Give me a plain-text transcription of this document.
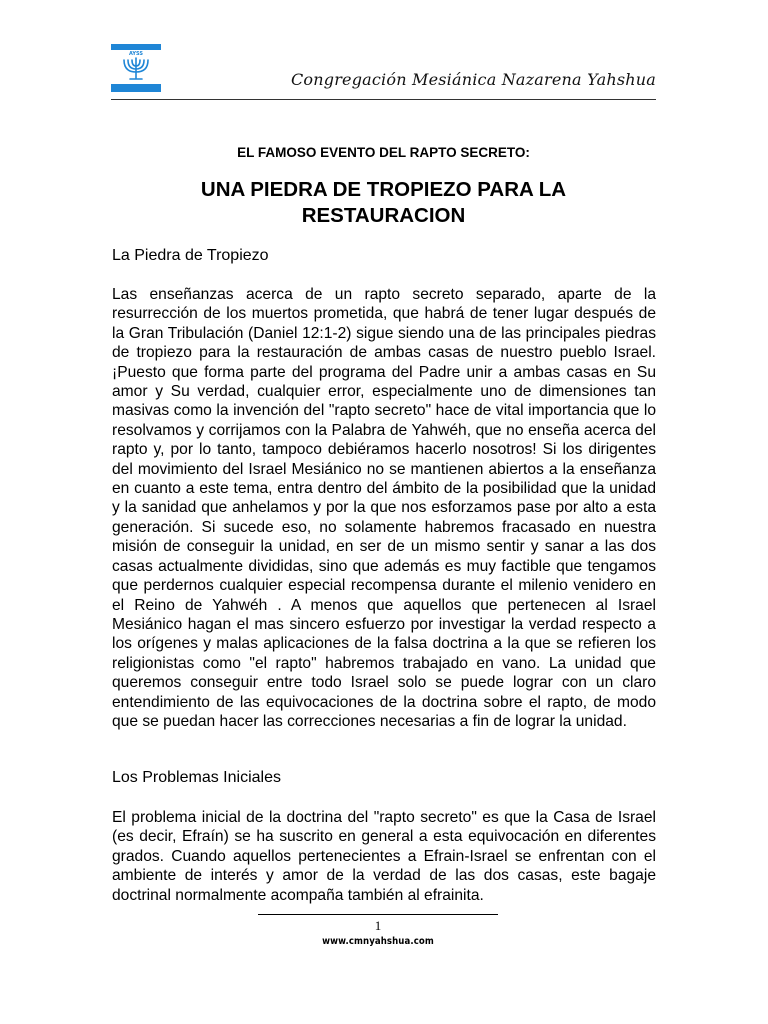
AYSS
Congregación Mesiánica Nazarena Yahshua
EL FAMOSO EVENTO DEL RAPTO SECRETO:
UNA PIEDRA DE TROPIEZO PARA LA
RESTAURACION
La Piedra de Tropiezo

Las enseñanzas acerca de un rapto secreto separado, aparte de la resurrección de los muertos prometida, que habrá de tener lugar después de la Gran Tribulación (Daniel 12:1-2) sigue siendo una de las principales piedras de tropiezo para la restauración de ambas casas de nuestro pueblo Israel. ¡Puesto que forma parte del programa del Padre unir a ambas casas en Su amor y Su verdad, cualquier error, especialmente uno de dimensiones tan masivas como la invención del "rapto secreto" hace de vital importancia que lo resolvamos y corrijamos con la Palabra de Yahwéh, que no enseña acerca del rapto y, por lo tanto, tampoco debiéramos hacerlo nosotros! Si los dirigentes del movimiento del Israel Mesiánico no se mantienen abiertos a la enseñanza en cuanto a este tema, entra dentro del ámbito de la posibilidad que la unidad y la sanidad que anhelamos y por la que nos esforzamos pase por alto a esta generación. Si sucede eso, no solamente habremos fracasado en nuestra misión de conseguir la unidad, en ser de un mismo sentir y sanar a las dos casas actualmente divididas, sino que además es muy factible que tengamos que perdernos cualquier especial recompensa durante el milenio venidero en el Reino de Yahwéh . A menos que aquellos que pertenecen al Israel Mesiánico hagan el mas sincero esfuerzo por investigar la verdad respecto a los orígenes y malas aplicaciones de la falsa doctrina a la que se refieren los religionistas como "el rapto" habremos trabajado en vano. La unidad que queremos conseguir entre todo Israel solo se puede lograr con un claro entendimiento de las equivocaciones de la doctrina sobre el rapto, de modo que se puedan hacer las correcciones necesarias a fin de lograr la unidad.

Los Problemas Iniciales

El problema inicial de la doctrina del "rapto secreto" es que la Casa de Israel (es decir, Efraín) se ha suscrito en general a esta equivocación en diferentes grados. Cuando aquellos pertenecientes a Efrain-Israel se enfrentan con el ambiente de interés y amor de la verdad de las dos casas, este bagaje doctrinal normalmente acompaña también al efrainita.

1
www.cmnyahshua.com
